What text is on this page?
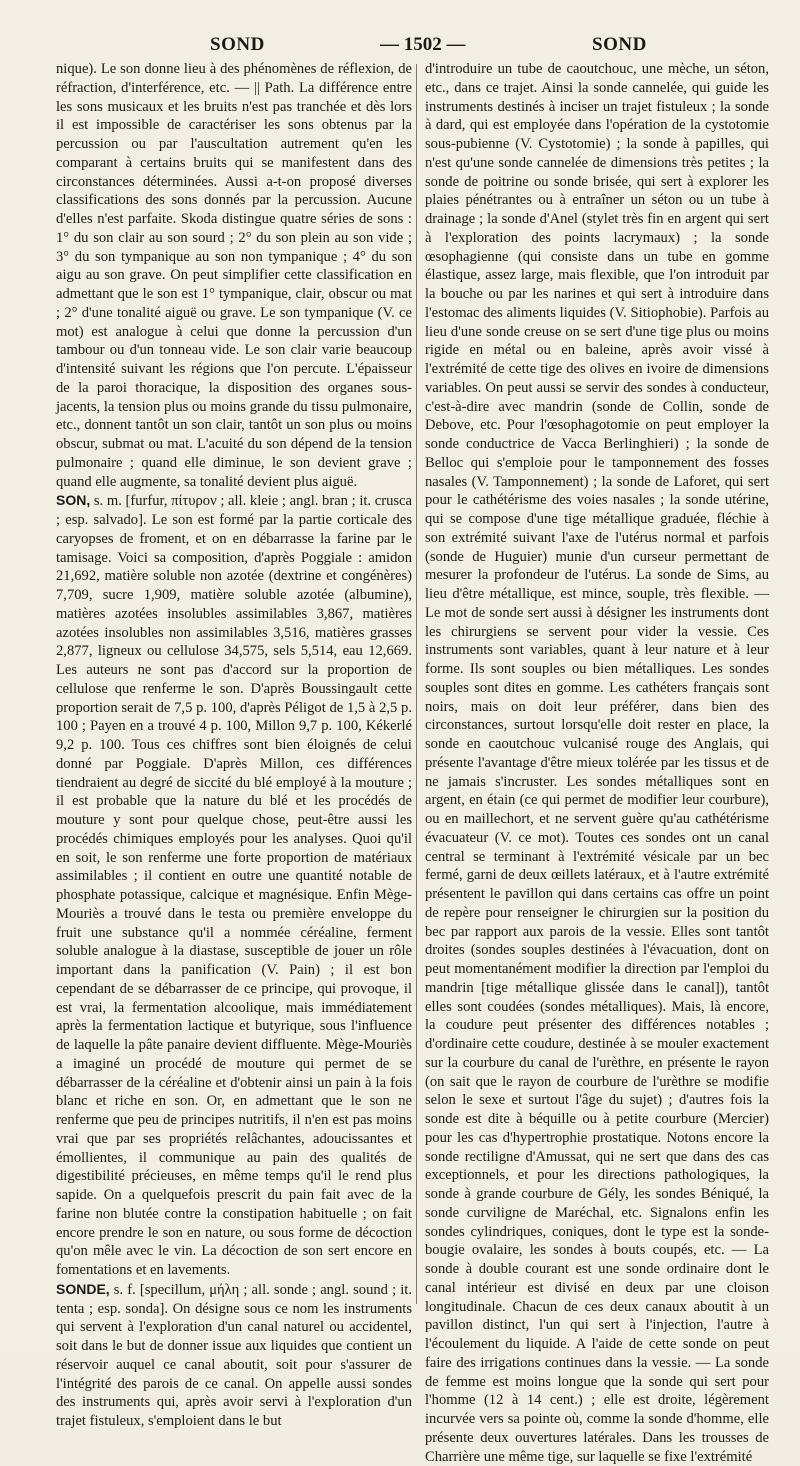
SOND	— 1502 —	SOND

nique). Le son donne lieu à des phénomènes de réflexion, de réfraction, d'interférence, etc. — || Path. La différence entre les sons musicaux et les bruits n'est pas tranchée et dès lors il est impossible de caractériser les sons obtenus par la percussion ou par l'auscultation autrement qu'en les comparant à certains bruits qui se manifestent dans des circonstances déterminées. Aussi a-t-on proposé diverses classifications des sons donnés par la percussion. Aucune d'elles n'est parfaite. Skoda distingue quatre séries de sons : 1° du son clair au son sourd ; 2° du son plein au son vide ; 3° du son tympanique au son non tympanique ; 4° du son aigu au son grave. On peut simplifier cette classification en admettant que le son est 1° tympanique, clair, obscur ou mat ; 2° d'une tonalité aiguë ou grave. Le son tympanique (V. ce mot) est analogue à celui que donne la percussion d'un tambour ou d'un tonneau vide. Le son clair varie beaucoup d'intensité suivant les régions que l'on percute. L'épaisseur de la paroi thoracique, la disposition des organes sous-jacents, la tension plus ou moins grande du tissu pulmonaire, etc., donnent tantôt un son clair, tantôt un son plus ou moins obscur, submat ou mat. L'acuité du son dépend de la tension pulmonaire ; quand elle diminue, le son devient grave ; quand elle augmente, sa tonalité devient plus aiguë.

SON, s. m. [furfur, πίτυρον ; all. kleie ; angl. bran ; it. crusca ; esp. salvado]. Le son est formé par la partie corticale des caryopses de froment, et on en débarrasse la farine par le tamisage. Voici sa composition, d'après Poggiale : amidon 21,692, matière soluble non azotée (dextrine et congénères) 7,709, sucre 1,909, matière soluble azotée (albumine), matières azotées insolubles assimilables 3,867, matières azotées insolubles non assimilables 3,516, matières grasses 2,877, ligneux ou cellulose 34,575, sels 5,514, eau 12,669. Les auteurs ne sont pas d'accord sur la proportion de cellulose que renferme le son. D'après Boussingault cette proportion serait de 7,5 p. 100, d'après Péligot de 1,5 à 2,5 p. 100 ; Payen en a trouvé 4 p. 100, Millon 9,7 p. 100, Kékerlé 9,2 p. 100. Tous ces chiffres sont bien éloignés de celui donné par Poggiale. D'après Millon, ces différences tiendraient au degré de siccité du blé employé à la mouture ; il est probable que la nature du blé et les procédés de mouture y sont pour quelque chose, peut-être aussi les procédés chimiques employés pour les analyses. Quoi qu'il en soit, le son renferme une forte proportion de matériaux assimilables ; il contient en outre une quantité notable de phosphate potassique, calcique et magnésique. Enfin Mège-Mouriès a trouvé dans le testa ou première enveloppe du fruit une substance qu'il a nommée céréaline, ferment soluble analogue à la diastase, susceptible de jouer un rôle important dans la panification (V. Pain) ; il est bon cependant de se débarrasser de ce principe, qui provoque, il est vrai, la fermentation alcoolique, mais immédiatement après la fermentation lactique et butyrique, sous l'influence de laquelle la pâte panaire devient diffluente. Mège-Mouriès a imaginé un procédé de mouture qui permet de se débarrasser de la céréaline et d'obtenir ainsi un pain à la fois blanc et riche en son. Or, en admettant que le son ne renferme que peu de principes nutritifs, il n'en est pas moins vrai que par ses propriétés relâchantes, adoucissantes et émollientes, il communique au pain des qualités de digestibilité précieuses, en même temps qu'il le rend plus sapide. On a quelquefois prescrit du pain fait avec de la farine non blutée contre la constipation habituelle ; on fait encore prendre le son en nature, ou sous forme de décoction qu'on mêle avec le vin. La décoction de son sert encore en fomentations et en lavements.

SONDE, s. f. [specillum, μήλη ; all. sonde ; angl. sound ; it. tenta ; esp. sonda]. On désigne sous ce nom les instruments qui servent à l'exploration d'un canal naturel ou accidentel, soit dans le but de donner issue aux liquides que contient un réservoir auquel ce canal aboutit, soit pour s'assurer de l'intégrité des parois de ce canal. On appelle aussi sondes des instruments qui, après avoir servi à l'exploration d'un trajet fistuleux, s'emploient dans le but

d'introduire un tube de caoutchouc, une mèche, un séton, etc., dans ce trajet. Ainsi la sonde cannelée, qui guide les instruments destinés à inciser un trajet fistuleux ; la sonde à dard, qui est employée dans l'opération de la cystotomie sous-pubienne (V. Cystotomie) ; la sonde à papilles, qui n'est qu'une sonde cannelée de dimensions très petites ; la sonde de poitrine ou sonde brisée, qui sert à explorer les plaies pénétrantes ou à entraîner un séton ou un tube à drainage ; la sonde d'Anel (stylet très fin en argent qui sert à l'exploration des points lacrymaux) ; la sonde œsophagienne (qui consiste dans un tube en gomme élastique, assez large, mais flexible, que l'on introduit par la bouche ou par les narines et qui sert à introduire dans l'estomac des aliments liquides (V. Sitiophobie). Parfois au lieu d'une sonde creuse on se sert d'une tige plus ou moins rigide en métal ou en baleine, après avoir vissé à l'extrémité de cette tige des olives en ivoire de dimensions variables. On peut aussi se servir des sondes à conducteur, c'est-à-dire avec mandrin (sonde de Collin, sonde de Debove, etc. Pour l'œsophagotomie on peut employer la sonde conductrice de Vacca Berlinghieri) ; la sonde de Belloc qui s'emploie pour le tamponnement des fosses nasales (V. Tamponnement) ; la sonde de Laforet, qui sert pour le cathétérisme des voies nasales ; la sonde utérine, qui se compose d'une tige métallique graduée, fléchie à son extrémité suivant l'axe de l'utérus normal et parfois (sonde de Huguier) munie d'un curseur permettant de mesurer la profondeur de l'utérus. La sonde de Sims, au lieu d'être métallique, est mince, souple, très flexible. — Le mot de sonde sert aussi à désigner les instruments dont les chirurgiens se servent pour vider la vessie. Ces instruments sont variables, quant à leur nature et à leur forme. Ils sont souples ou bien métalliques. Les sondes souples sont dites en gomme. Les cathéters français sont noirs, mais on doit leur préférer, dans bien des circonstances, surtout lorsqu'elle doit rester en place, la sonde en caoutchouc vulcanisé rouge des Anglais, qui présente l'avantage d'être mieux tolérée par les tissus et de ne jamais s'incruster. Les sondes métalliques sont en argent, en étain (ce qui permet de modifier leur courbure), ou en maillechort, et ne servent guère qu'au cathétérisme évacuateur (V. ce mot). Toutes ces sondes ont un canal central se terminant à l'extrémité vésicale par un bec fermé, garni de deux œillets latéraux, et à l'autre extrémité présentent le pavillon qui dans certains cas offre un point de repère pour renseigner le chirurgien sur la position du bec par rapport aux parois de la vessie. Elles sont tantôt droites (sondes souples destinées à l'évacuation, dont on peut momentanément modifier la direction par l'emploi du mandrin [tige métallique glissée dans le canal]), tantôt elles sont coudées (sondes métalliques). Mais, là encore, la coudure peut présenter des différences notables ; d'ordinaire cette coudure, destinée à se mouler exactement sur la courbure du canal de l'urèthre, en présente le rayon (on sait que le rayon de courbure de l'urèthre se modifie selon le sexe et surtout l'âge du sujet) ; d'autres fois la sonde est dite à béquille ou à petite courbure (Mercier) pour les cas d'hypertrophie prostatique. Notons encore la sonde rectiligne d'Amussat, qui ne sert que dans des cas exceptionnels, et pour les directions pathologiques, la sonde à grande courbure de Gély, les sondes Béniqué, la sonde curviligne de Maréchal, etc. Signalons enfin les sondes cylindriques, coniques, dont le type est la sonde-bougie ovalaire, les sondes à bouts coupés, etc. — La sonde à double courant est une sonde ordinaire dont le canal intérieur est divisé en deux par une cloison longitudinale. Chacun de ces deux canaux aboutit à un pavillon distinct, l'un qui sert à l'injection, l'autre à l'écoulement du liquide. A l'aide de cette sonde on peut faire des irrigations continues dans la vessie. — La sonde de femme est moins longue que la sonde qui sert pour l'homme (12 à 14 cent.) ; elle est droite, légèrement incurvée vers sa pointe où, comme la sonde d'homme, elle présente deux ouvertures latérales. Dans les trousses de Charrière une même tige, sur laquelle se fixe l'extrémité
